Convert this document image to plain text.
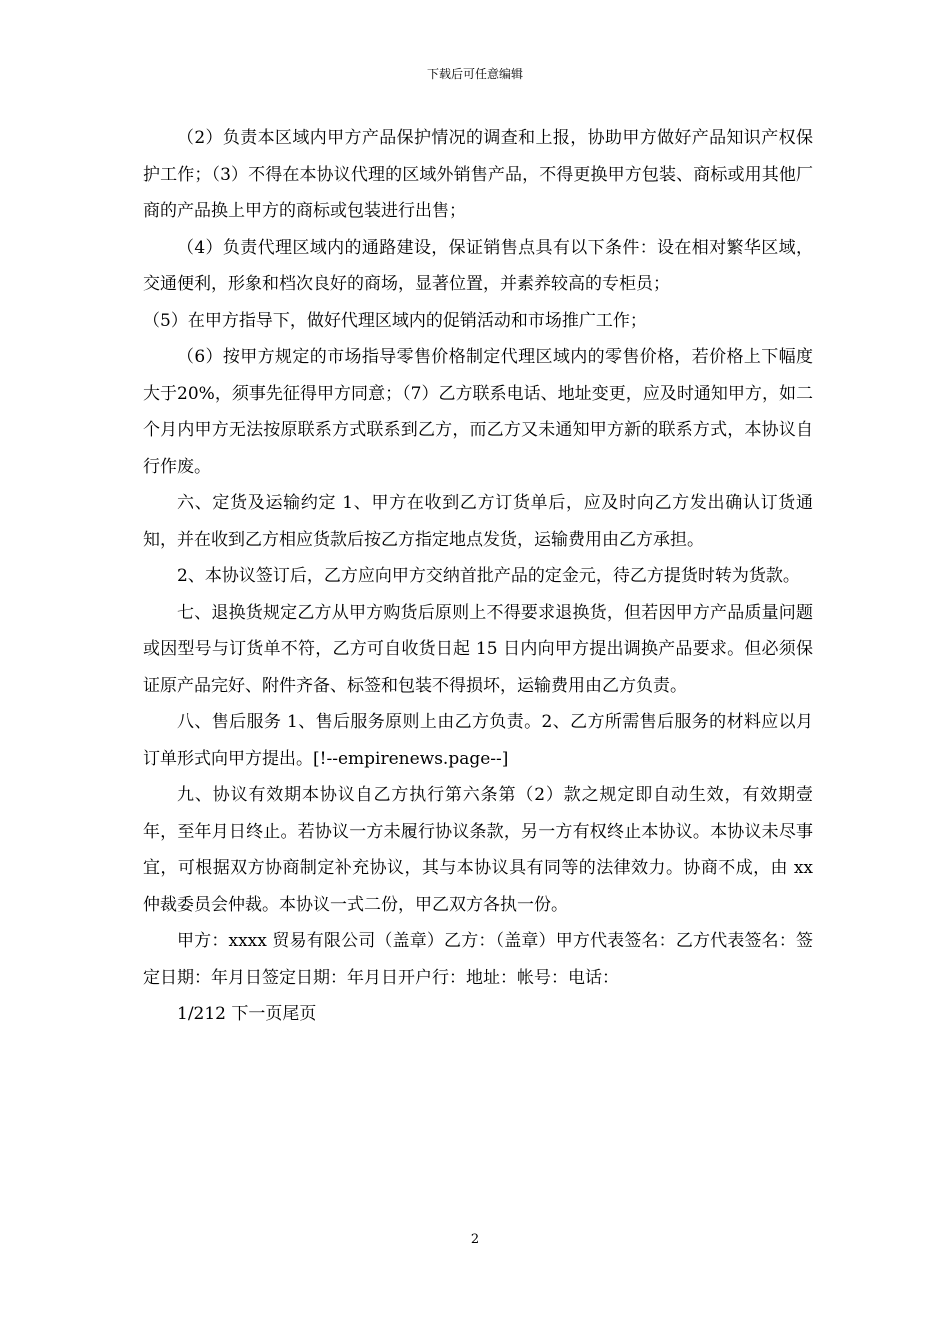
下载后可任意编辑

（2）负责本区域内甲方产品保护情况的调查和上报，协助甲方做好产品知识产权保护工作；（3）不得在本协议代理的区域外销售产品，不得更换甲方包装、商标或用其他厂商的产品换上甲方的商标或包装进行出售；

（4）负责代理区域内的通路建设，保证销售点具有以下条件：设在相对繁华区域，交通便利，形象和档次良好的商场，显著位置，并素养较高的专柜员；

（5）在甲方指导下，做好代理区域内的促销活动和市场推广工作；

（6）按甲方规定的市场指导零售价格制定代理区域内的零售价格，若价格上下幅度大于20%，须事先征得甲方同意；（7）乙方联系电话、地址变更，应及时通知甲方，如二个月内甲方无法按原联系方式联系到乙方，而乙方又未通知甲方新的联系方式，本协议自行作废。

六、定货及运输约定 1、甲方在收到乙方订货单后，应及时向乙方发出确认订货通知，并在收到乙方相应货款后按乙方指定地点发货，运输费用由乙方承担。

2、本协议签订后，乙方应向甲方交纳首批产品的定金元，待乙方提货时转为货款。

七、退换货规定乙方从甲方购货后原则上不得要求退换货，但若因甲方产品质量问题或因型号与订货单不符，乙方可自收货日起 15 日内向甲方提出调换产品要求。但必须保证原产品完好、附件齐备、标签和包装不得损坏，运输费用由乙方负责。

八、售后服务 1、售后服务原则上由乙方负责。2、乙方所需售后服务的材料应以月订单形式向甲方提出。[!--empirenews.page--]

九、协议有效期本协议自乙方执行第六条第（2）款之规定即自动生效，有效期壹年，至年月日终止。若协议一方未履行协议条款，另一方有权终止本协议。本协议未尽事宜，可根据双方协商制定补充协议，其与本协议具有同等的法律效力。协商不成，由 xx 仲裁委员会仲裁。本协议一式二份，甲乙双方各执一份。

甲方：xxxx 贸易有限公司（盖章）乙方：（盖章）甲方代表签名：乙方代表签名：签定日期：年月日签定日期：年月日开户行：地址：帐号：电话：

1/212 下一页尾页

2
